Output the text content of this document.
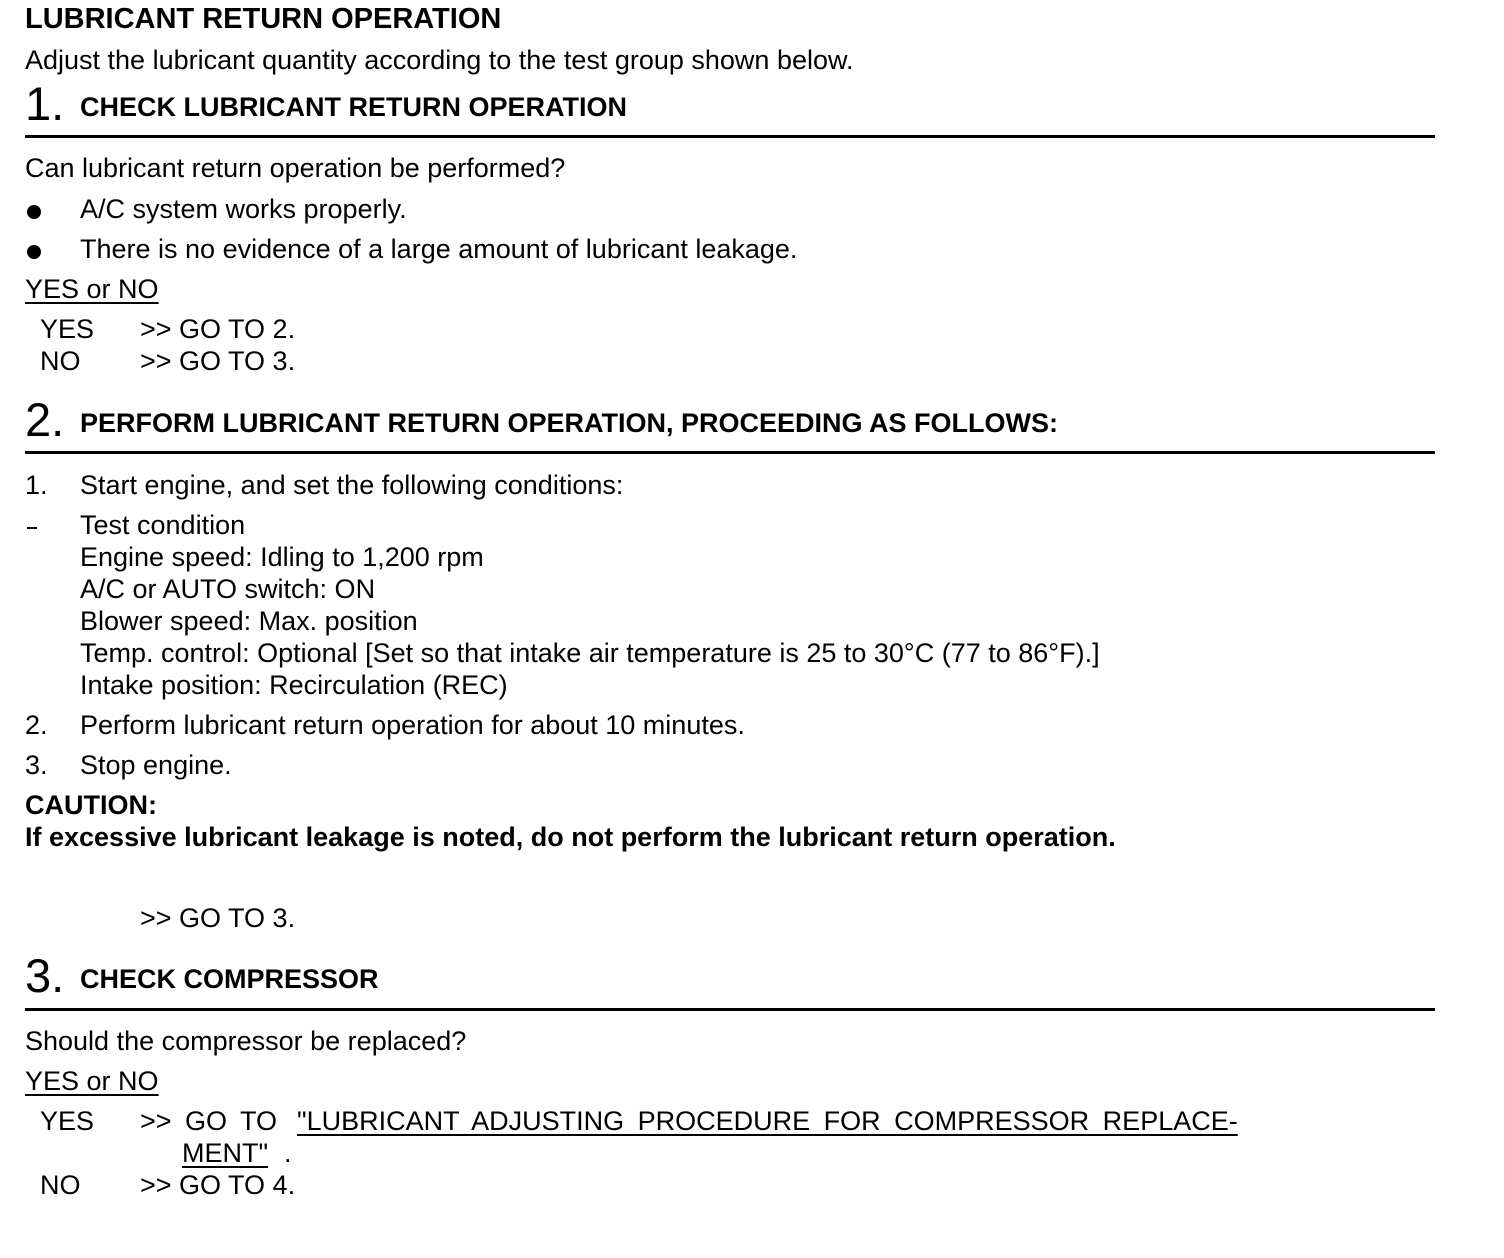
LUBRICANT RETURN OPERATION
Adjust the lubricant quantity according to the test group shown below.
1. CHECK LUBRICANT RETURN OPERATION
Can lubricant return operation be performed?
A/C system works properly.
There is no evidence of a large amount of lubricant leakage.
YES or NO
YES >> GO TO 2.
NO >> GO TO 3.
2. PERFORM LUBRICANT RETURN OPERATION, PROCEEDING AS FOLLOWS:
1. Start engine, and set the following conditions:
Test condition
Engine speed: Idling to 1,200 rpm
A/C or AUTO switch: ON
Blower speed: Max. position
Temp. control: Optional [Set so that intake air temperature is 25 to 30°C (77 to 86°F).]
Intake position: Recirculation (REC)
2. Perform lubricant return operation for about 10 minutes.
3. Stop engine.
CAUTION:
If excessive lubricant leakage is noted, do not perform the lubricant return operation.
>> GO TO 3.
3. CHECK COMPRESSOR
Should the compressor be replaced?
YES or NO
YES >> GO TO "LUBRICANT ADJUSTING PROCEDURE FOR COMPRESSOR REPLACE-
MENT" .
NO >> GO TO 4.
